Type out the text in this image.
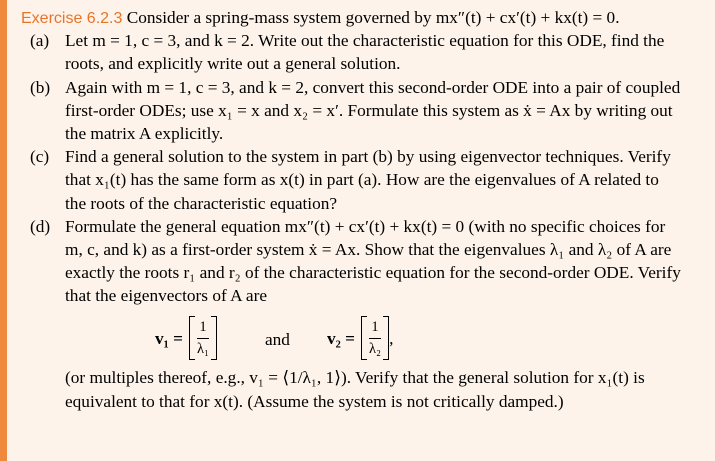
Exercise 6.2.3 Consider a spring-mass system governed by mx″(t) + cx′(t) + kx(t) = 0.
(a) Let m = 1, c = 3, and k = 2. Write out the characteristic equation for this ODE, find the
roots, and explicitly write out a general solution.
(b) Again with m = 1, c = 3, and k = 2, convert this second-order ODE into a pair of coupled
first-order ODEs; use x₁ = x and x₂ = x′. Formulate this system as ẋ = Ax by writing out
the matrix A explicitly.
(c) Find a general solution to the system in part (b) by using eigenvector techniques. Verify
that x₁(t) has the same form as x(t) in part (a). How are the eigenvalues of A related to
the roots of the characteristic equation?
(d) Formulate the general equation mx″(t) + cx′(t) + kx(t) = 0 (with no specific choices for
m, c, and k) as a first-order system ẋ = Ax. Show that the eigenvalues λ₁ and λ₂ of A are
exactly the roots r₁ and r₂ of the characteristic equation for the second-order ODE. Verify
that the eigenvectors of A are
$v_1 = \frac{1}{\text{λ₁}}$	and $v_2 = \frac{1}{\text{λ₂}}$ ,
(or multiples thereof, e.g., v₁ = ⟨1/λ₁, 1⟩). Verify that the general solution for x₁(t) is
equivalent to that for x(t). (Assume the system is not critically damped.)
